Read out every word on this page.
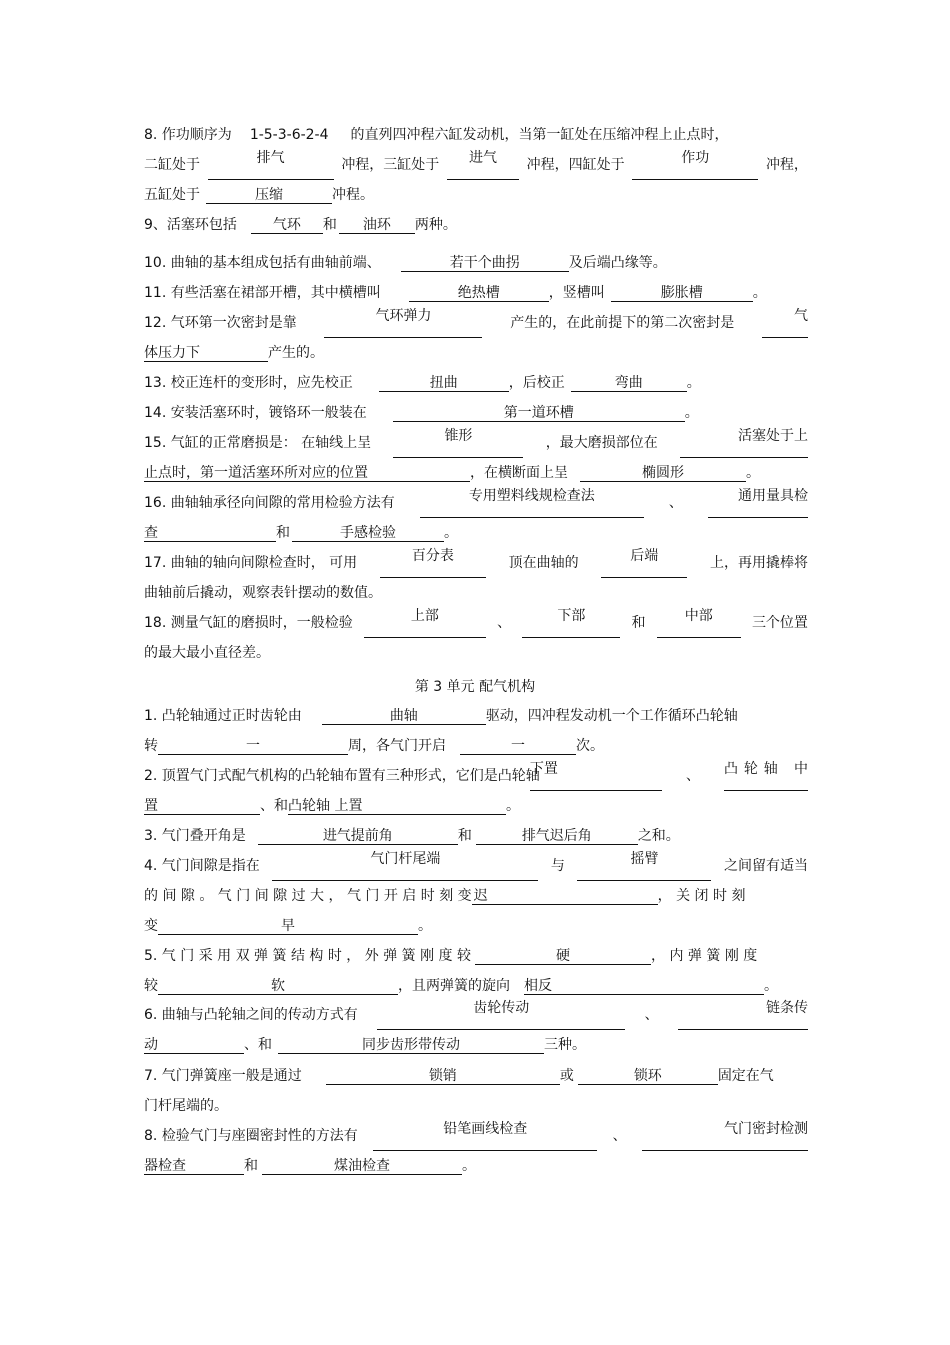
8. 作功顺序为 1-5-3-6-2-4 的直列四冲程六缸发动机，当第一缸处在压缩冲程上止点时，
二缸处于	排气	冲程，三缸处于	进气	冲程，四缸处于	作功	冲程，
五缸处于	压缩	冲程。
9、活塞环包括	气环 和 油环 两种。
10. 曲轴的基本组成包括有曲轴前端、	若干个曲拐	及后端凸缘等。
11. 有些活塞在裙部开槽，其中横槽叫	绝热槽	，竖槽叫	膨胀槽	。
12. 气环第一次密封是靠	气环弹力	产生的，在此前提下的第二次密封是	气
体压力下	产生的。
13. 校正连杆的变形时，应先校正	扭曲	，后校正	弯曲	。
14. 安装活塞环时，镀铬环一般装在	第一道环槽	。
15. 气缸的正常磨损是： 在轴线上呈	锥形	，最大磨损部位在	活塞处于上
止点时，第一道活塞环所对应的位置	，在横断面上呈	椭圆形	。
16. 曲轴轴承径向间隙的常用检验方法有	专用塑料线规检查法	、	通用量具检
查	和	手感检验	。
17. 曲轴的轴向间隙检查时， 可用	百分表	顶在曲轴的	后端	上，再用撬棒将
曲轴前后撬动，观察表针摆动的数值。
18. 测量气缸的磨损时，一般检验	上部	、	下部	和	中部	三个位置
的最大最小直径差。
第 3 单元 配气机构
1. 凸轮轴通过正时齿轮由	曲轴	驱动，四冲程发动机一个工作循环凸轮轴
转	一	周，各气门开启	一	次。
2. 顶置气门式配气机构的凸轮轴布置有三种形式，它们是凸轮轴
下置	、 凸轮轴 中
置	、和凸轮轴 上置	。
3. 气门叠开角是	进气提前角	和	排气迟后角	之和。
4. 气门间隙是指在	气门杆尾端	与	摇臂	之间留有适当
的 间 隙 。 气 门 间 隙 过 大 ， 气 门 开 启 时 刻 变 迟	， 关 闭 时 刻
变	早	。
5. 气 门 采 用 双 弹 簧 结 构 时 ， 外 弹 簧 刚 度 较	硬	， 内 弹 簧 刚 度
较	软	，且两弹簧的旋向 相反	。
6. 曲轴与凸轮轴之间的传动方式有	齿轮传动	、	链条传
动	、和	同步齿形带传动	三种。
7. 气门弹簧座一般是通过	锁销	或	锁环	固定在气
门杆尾端的。
8. 检验气门与座圈密封性的方法有	铅笔画线检查	、	气门密封检测
器检查	和	煤油检查	。
